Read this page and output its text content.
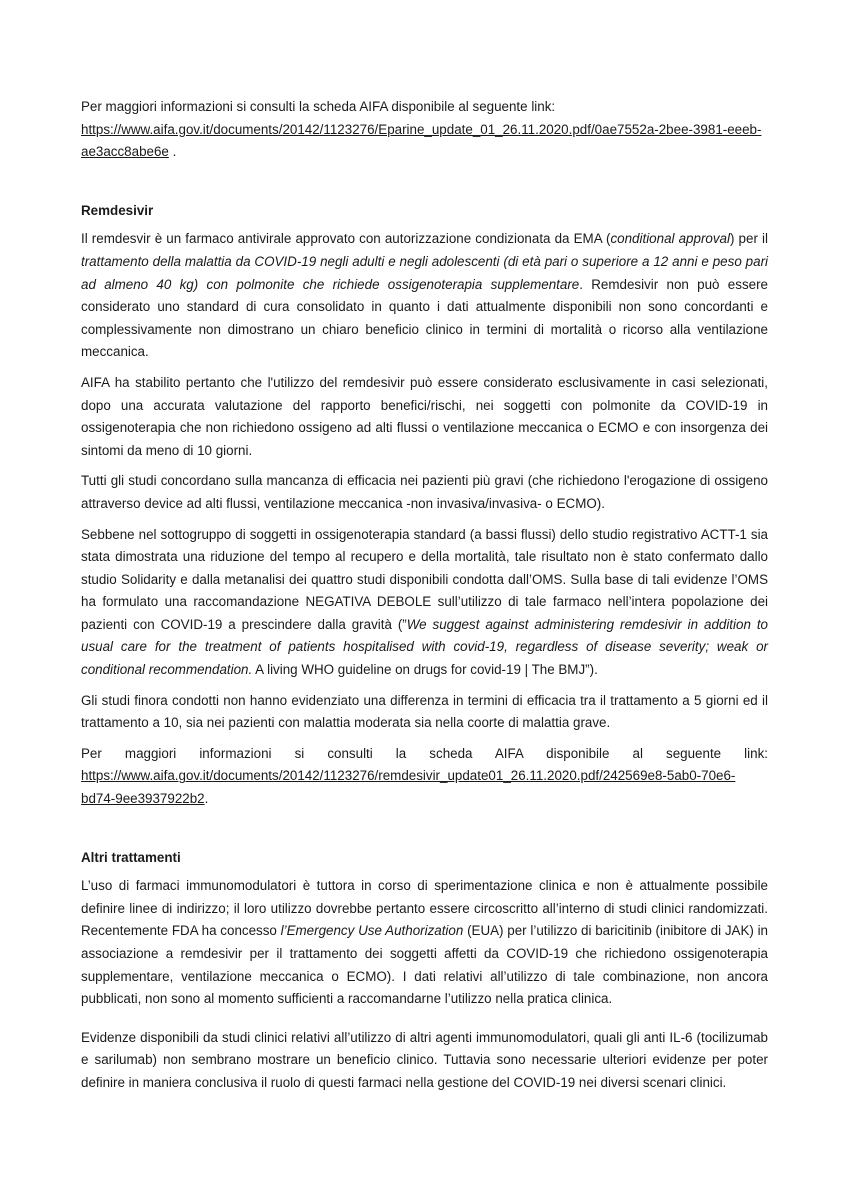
Per maggiori informazioni si consulti la scheda AIFA disponibile al seguente link:
https://www.aifa.gov.it/documents/20142/1123276/Eparine_update_01_26.11.2020.pdf/0ae7552a-2bee-3981-eeeb-ae3acc8abe6e .

Remdesivir

Il remdesvir è un farmaco antivirale approvato con autorizzazione condizionata da EMA (conditional approval) per il trattamento della malattia da COVID-19 negli adulti e negli adolescenti (di età pari o superiore a 12 anni e peso pari ad almeno 40 kg) con polmonite che richiede ossigenoterapia supplementare. Remdesivir non può essere considerato uno standard di cura consolidato in quanto i dati attualmente disponibili non sono concordanti e complessivamente non dimostrano un chiaro beneficio clinico in termini di mortalità o ricorso alla ventilazione meccanica.

AIFA ha stabilito pertanto che l'utilizzo del remdesivir può essere considerato esclusivamente in casi selezionati, dopo una accurata valutazione del rapporto benefici/rischi, nei soggetti con polmonite da COVID-19 in ossigenoterapia che non richiedono ossigeno ad alti flussi o ventilazione meccanica o ECMO e con insorgenza dei sintomi da meno di 10 giorni.

Tutti gli studi concordano sulla mancanza di efficacia nei pazienti più gravi (che richiedono l'erogazione di ossigeno attraverso device ad alti flussi, ventilazione meccanica -non invasiva/invasiva- o ECMO).

Sebbene nel sottogruppo di soggetti in ossigenoterapia standard (a bassi flussi) dello studio registrativo ACTT-1 sia stata dimostrata una riduzione del tempo al recupero e della mortalità, tale risultato non è stato confermato dallo studio Solidarity e dalla metanalisi dei quattro studi disponibili condotta dall’OMS. Sulla base di tali evidenze l’OMS ha formulato una raccomandazione NEGATIVA DEBOLE sull’utilizzo di tale farmaco nell’intera popolazione dei pazienti con COVID-19 a prescindere dalla gravità (”We suggest against administering remdesivir in addition to usual care for the treatment of patients hospitalised with covid-19, regardless of disease severity; weak or conditional recommendation. A living WHO guideline on drugs for covid-19 | The BMJ”).

Gli studi finora condotti non hanno evidenziato una differenza in termini di efficacia tra il trattamento a 5 giorni ed il trattamento a 10, sia nei pazienti con malattia moderata sia nella coorte di malattia grave.

Per maggiori informazioni si consulti la scheda AIFA disponibile al seguente link: https://www.aifa.gov.it/documents/20142/1123276/remdesivir_update01_26.11.2020.pdf/242569e8-5ab0-70e6-bd74-9ee3937922b2.

Altri trattamenti

L’uso di farmaci immunomodulatori è tuttora in corso di sperimentazione clinica e non è attualmente possibile definire linee di indirizzo; il loro utilizzo dovrebbe pertanto essere circoscritto all’interno di studi clinici randomizzati. Recentemente FDA ha concesso l’Emergency Use Authorization (EUA) per l’utilizzo di baricitinib (inibitore di JAK) in associazione a remdesivir per il trattamento dei soggetti affetti da COVID-19 che richiedono ossigenoterapia supplementare, ventilazione meccanica o ECMO). I dati relativi all’utilizzo di tale combinazione, non ancora pubblicati, non sono al momento sufficienti a raccomandarne l’utilizzo nella pratica clinica.

Evidenze disponibili da studi clinici relativi all’utilizzo di altri agenti immunomodulatori, quali gli anti IL-6 (tocilizumab e sarilumab) non sembrano mostrare un beneficio clinico. Tuttavia sono necessarie ulteriori evidenze per poter definire in maniera conclusiva il ruolo di questi farmaci nella gestione del COVID-19 nei diversi scenari clinici.
